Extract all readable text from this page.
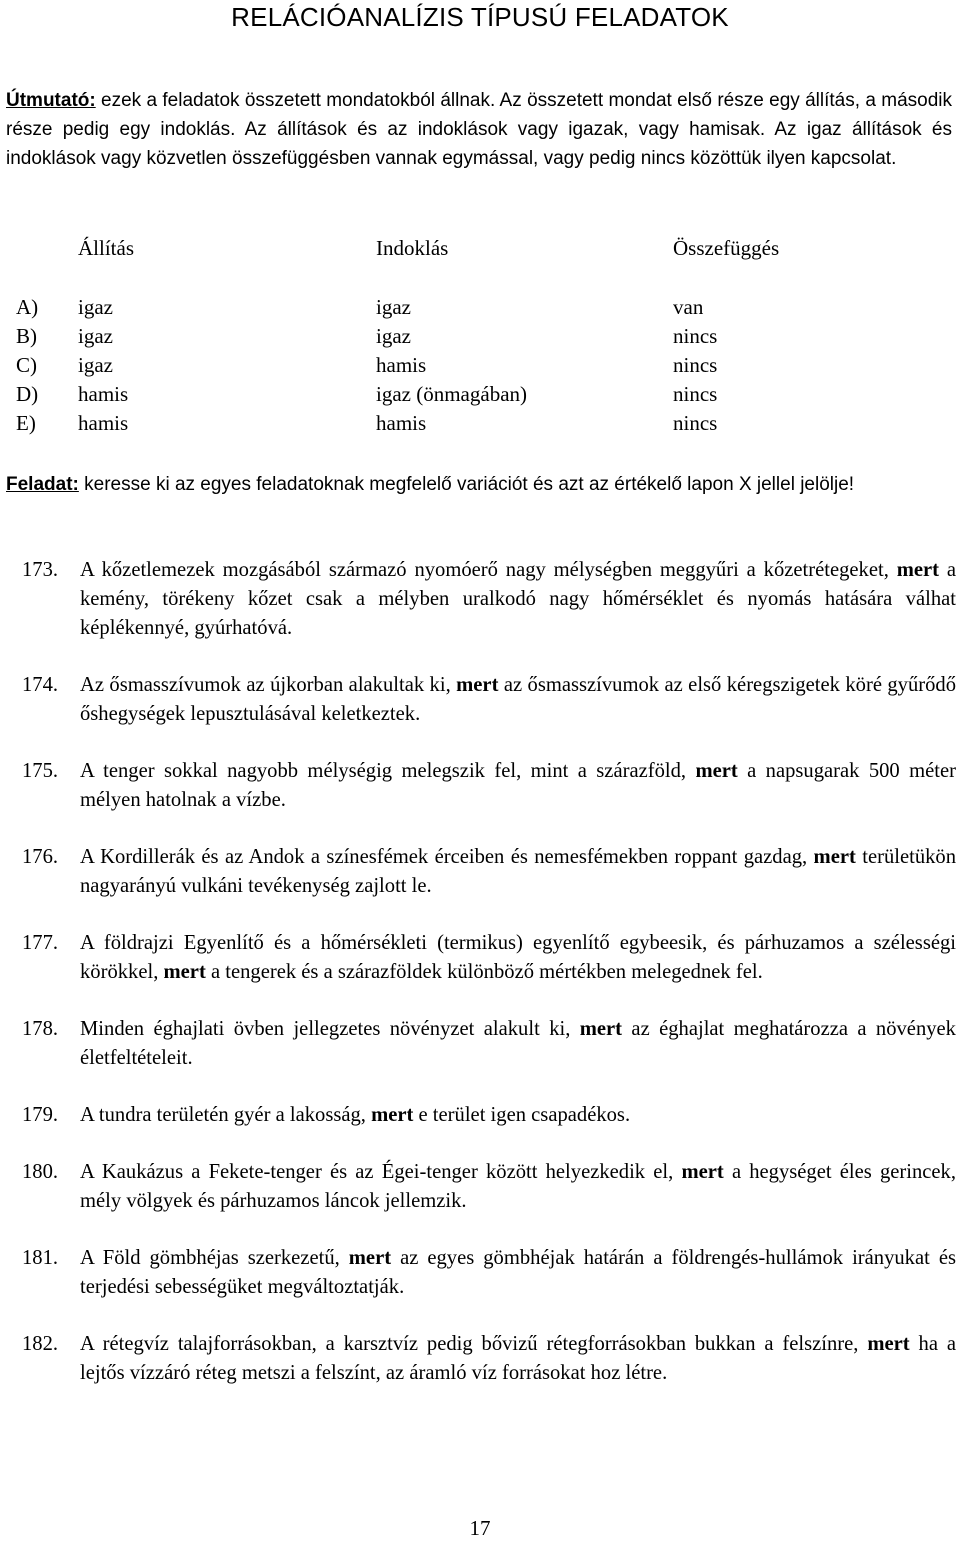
RELÁCIÓANALÍZIS TÍPUSÚ FELADATOK
Útmutató: ezek a feladatok összetett mondatokból állnak. Az összetett mondat első része egy állítás, a második része pedig egy indoklás. Az állítások és az indoklások vagy igazak, vagy hamisak. Az igaz állítások és indoklások vagy közvetlen összefüggésben vannak egymással, vagy pedig nincs közöttük ilyen kapcsolat.
Állítás	Indoklás	Összefüggés
A) igaz	igaz	van
B) igaz	igaz	nincs
C) igaz	hamis	nincs
D) hamis	igaz (önmagában)	nincs
E) hamis	hamis	nincs
Feladat: keresse ki az egyes feladatoknak megfelelő variációt és azt az értékelő lapon X jellel jelölje!
173. A kőzetlemezek mozgásából származó nyomóerő nagy mélységben meggyűri a kőzetrétegeket, mert a kemény, törékeny kőzet csak a mélyben uralkodó nagy hőmérséklet és nyomás hatására válhat képlékennyé, gyúrhatóvá.
174. Az ősmasszívumok az újkorban alakultak ki, mert az ősmasszívumok az első kéregszigetek köré gyűrődő őshegységek lepusztulásával keletkeztek.
175. A tenger sokkal nagyobb mélységig melegszik fel, mint a szárazföld, mert a napsugarak 500 méter mélyen hatolnak a vízbe.
176. A Kordillerák és az Andok a színesfémek érceiben és nemesfémekben roppant gazdag, mert területükön nagyarányú vulkáni tevékenység zajlott le.
177. A földrajzi Egyenlítő és a hőmérsékleti (termikus) egyenlítő egybeesik, és párhuzamos a szélességi körökkel, mert a tengerek és a szárazföldek különböző mértékben melegednek fel.
178. Minden éghajlati övben jellegzetes növényzet alakult ki, mert az éghajlat meghatározza a növények életfeltételeit.
179. A tundra területén gyér a lakosság, mert e terület igen csapadékos.
180. A Kaukázus a Fekete-tenger és az Égei-tenger között helyezkedik el, mert a hegységet éles gerincek, mély völgyek és párhuzamos láncok jellemzik.
181. A Föld gömbhéjas szerkezetű, mert az egyes gömbhéjak határán a földrengés-hullámok irányukat és terjedési sebességüket megváltoztatják.
182. A rétegvíz talajforrásokban, a karsztvíz pedig bővizű rétegforrásokban bukkan a felszínre, mert ha a lejtős vízzáró réteg metszi a felszínt, az áramló víz forrásokat hoz létre.
17
